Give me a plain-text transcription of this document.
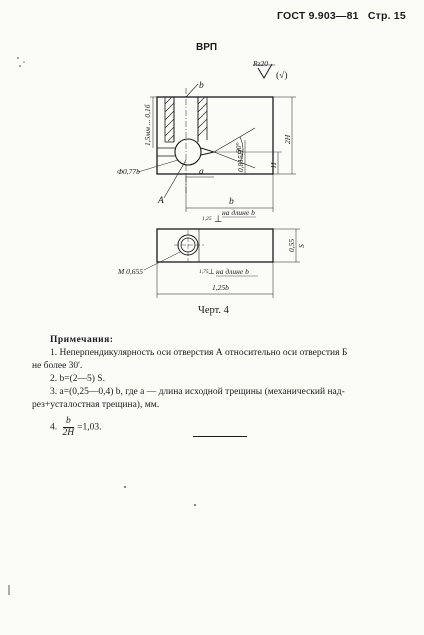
ГОСТ 9.903—81 Стр. 15
ВРП
Rz20
(√)
90°
b
1,5мм ... 0,1б
Ф0,77b
A
a
2H
H
0,815H
b
1,25 ⊥
на длине b
0,55 S
М 0,655	1,75 ⊥ на длине b
1,25b
Черт. 4

Примечания:

1. Неперпендикулярность оси отверстия А относительно оси отверстия Б

не более 30'.

2. b=(2—5) S.

3. а=(0,25—0,4) b, где а — длина исходной трещины (механический над-

рез+усталостная трещина), мм.

4. $\frac{b}{2H} =1,03$.
